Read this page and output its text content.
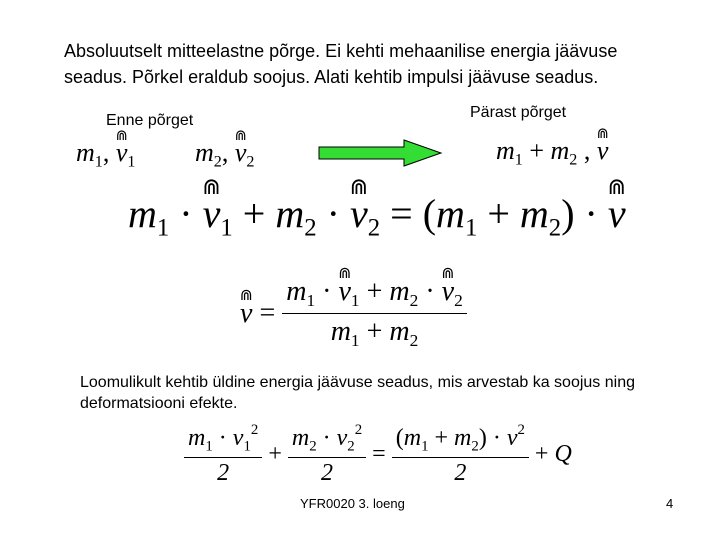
Absoluutselt mitteelastne põrge. Ei kehti mehaanilise energia jäävuse seadus. Põrkel eraldub soojus. Alati kehtib impulsi jäävuse seadus.
Enne põrget	Pärast põrget
$m_1$, ⋒ $v_1$ $m_2$, ⋒ $v_2$	$m_1 + m_2$ , ⋒ v
$m_1$ · ⋒ $v_1 + m_2$ · ⋒ $v_2 = (m_1 + m_2)$ · ⋒ v
⋒ $v = \frac{m_1 \cdot ⋒ v_1 + m_2 \cdot ⋒ v_2}{m_1 + m_2}$
Loomulikult kehtib üldine energia jäävuse seadus, mis arvestab ka soojus ning deformatsiooni efekte.
$\frac{m_1 \cdot v_1^2}{2} + \frac{m_2 \cdot v_2^2}{2} = \frac{(m_1 + m_2) \cdot v^2}{2} + Q$
YFR0020 3. loeng	4
